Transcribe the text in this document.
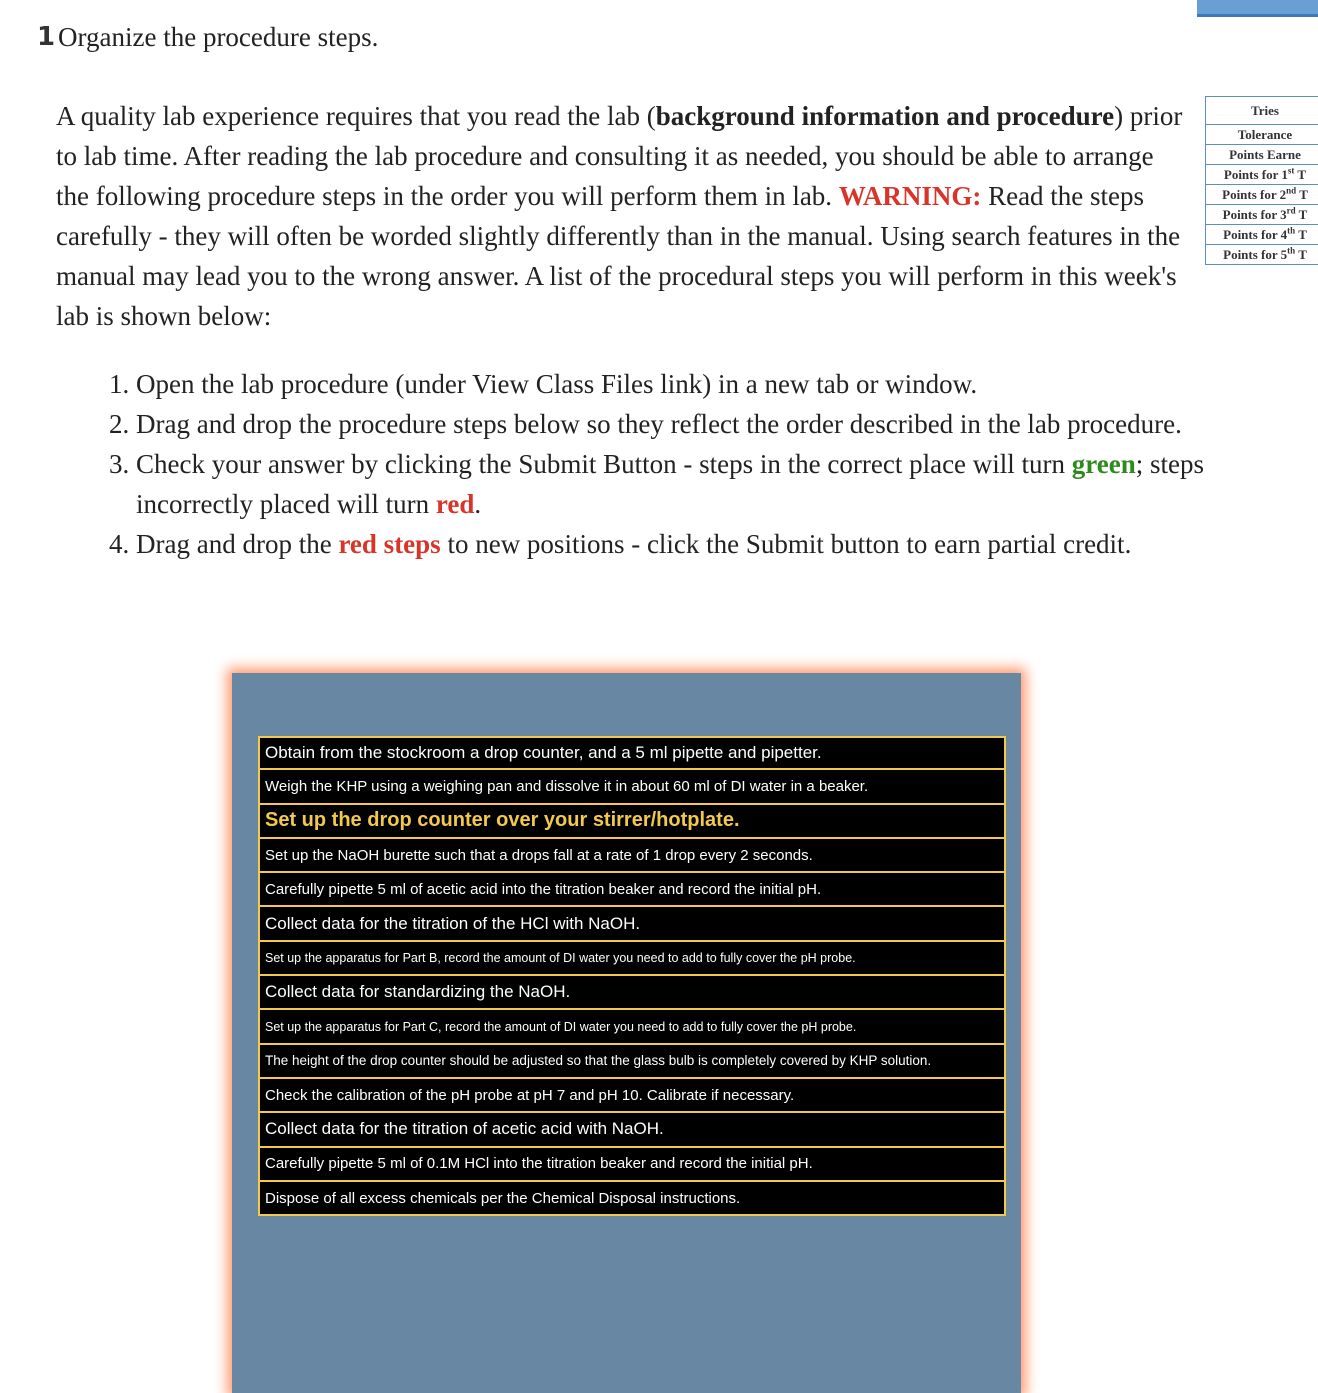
1 Organize the procedure steps.
A quality lab experience requires that you read the lab (background information and procedure) prior to lab time. After reading the lab procedure and consulting it as needed, you should be able to arrange the following procedure steps in the order you will perform them in lab. WARNING: Read the steps carefully - they will often be worded slightly differently than in the manual. Using search features in the manual may lead you to the wrong answer. A list of the procedural steps you will perform in this week's lab is shown below:
1. Open the lab procedure (under View Class Files link) in a new tab or window.
2. Drag and drop the procedure steps below so they reflect the order described in the lab procedure.
3. Check your answer by clicking the Submit Button - steps in the correct place will turn green; steps incorrectly placed will turn red.
4. Drag and drop the red steps to new positions - click the Submit button to earn partial credit.
Tries
Tolerance
Points Earne
Points for 1st T
Points for 2nd T
Points for 3rd T
Points for 4th T
Points for 5th T
Obtain from the stockroom a drop counter, and a 5 ml pipette and pipetter.
Weigh the KHP using a weighing pan and dissolve it in about 60 ml of DI water in a beaker.
Set up the drop counter over your stirrer/hotplate.
Set up the NaOH burette such that a drops fall at a rate of 1 drop every 2 seconds.
Carefully pipette 5 ml of acetic acid into the titration beaker and record the initial pH.
Collect data for the titration of the HCl with NaOH.
Set up the apparatus for Part B, record the amount of DI water you need to add to fully cover the pH probe.
Collect data for standardizing the NaOH.
Set up the apparatus for Part C, record the amount of DI water you need to add to fully cover the pH probe.
The height of the drop counter should be adjusted so that the glass bulb is completely covered by KHP solution.
Check the calibration of the pH probe at pH 7 and pH 10. Calibrate if necessary.
Collect data for the titration of acetic acid with NaOH.
Carefully pipette 5 ml of 0.1M HCl into the titration beaker and record the initial pH.
Dispose of all excess chemicals per the Chemical Disposal instructions.
